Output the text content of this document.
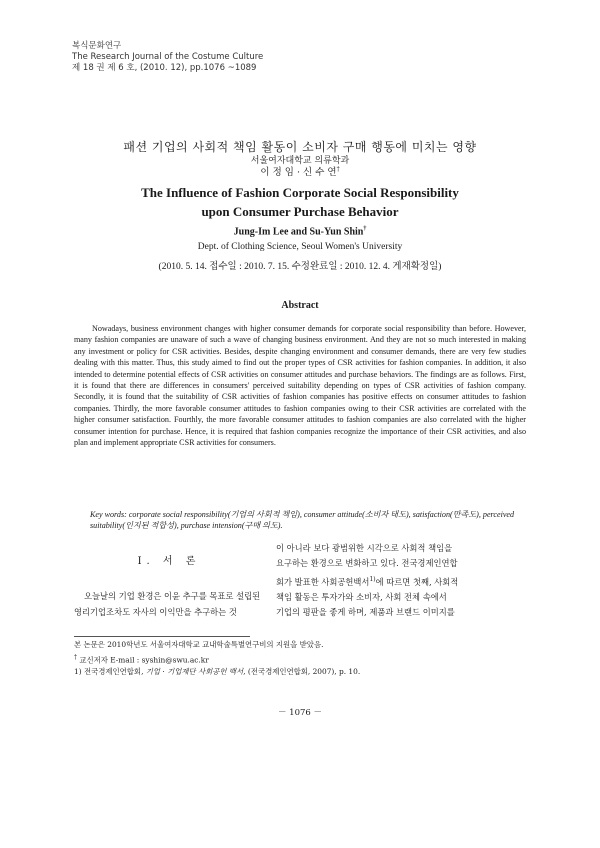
복식문화연구
The Research Journal of the Costume Culture
제 18 권 제 6 호, (2010. 12), pp.1076 ~1089
패션 기업의 사회적 책임 활동이 소비자 구매 행동에 미치는 영향
이 정 임 · 신 수 연†
서울여자대학교 의류학과
The Influence of Fashion Corporate Social Responsibility
upon Consumer Purchase Behavior
Jung-Im Lee and Su-Yun Shin†
Dept. of Clothing Science, Seoul Women's University
(2010. 5. 14. 접수일 : 2010. 7. 15. 수정완료일 : 2010. 12. 4. 게재확정일)
Abstract

Nowadays, business environment changes with higher consumer demands for corporate social responsibility than before. However, many fashion companies are unaware of such a wave of changing business environment. And they are not so much interested in making any investment or policy for CSR activities. Besides, despite changing environment and consumer demands, there are very few studies dealing with this matter. Thus, this study aimed to find out the proper types of CSR activities for fashion companies. In addition, it also intended to determine potential effects of CSR activities on consumer attitudes and purchase behaviors. The findings are as follows. First, it is found that there are differences in consumers' perceived suitability depending on types of CSR activities of fashion company. Secondly, it is found that the suitability of CSR activities of fashion companies has positive effects on consumer attitudes to fashion companies. Thirdly, the more favorable consumer attitudes to fashion companies owing to their CSR activities are correlated with the higher consumer satisfaction. Fourthly, the more favorable consumer attitudes to fashion companies are also correlated with the higher consumer intention for purchase. Hence, it is required that fashion companies recognize the importance of their CSR activities, and also plan and implement appropriate CSR activities for consumers.

Key words: corporate social responsibility(기업의 사회적 책임), consumer attitude(소비자 태도), satisfaction(만족도), perceived suitability(인지된 적합성), purchase intension(구매 의도).

Ⅰ. 서 론

오늘날의 기업 환경은 이윤 추구를 목표로 설립된 영리기업조차도 자사의 이익만을 추구하는 것

이 아니라 보다 광범위한 시각으로 사회적 책임을

요구하는 환경으로 변화하고 있다. 전국경제인연합

회가 발표한 사회공헌백서$^{1)}$에 따르면 첫째, 사회적

책임 활동은 투자가와 소비자, 사회 전체 속에서

기업의 평판을 좋게 하며, 제품과 브랜드 이미지를

본 논문은 2010학년도 서울여자대학교 교내학술특별연구비의 지원을 받았음.
† 교신저자 E-mail : syshin@swu.ac.kr
1) 전국경제인연합회, 기업 · 기업재단 사회공헌 백서, (전국경제인연합회, 2007), p. 10.
－ 1076 －
